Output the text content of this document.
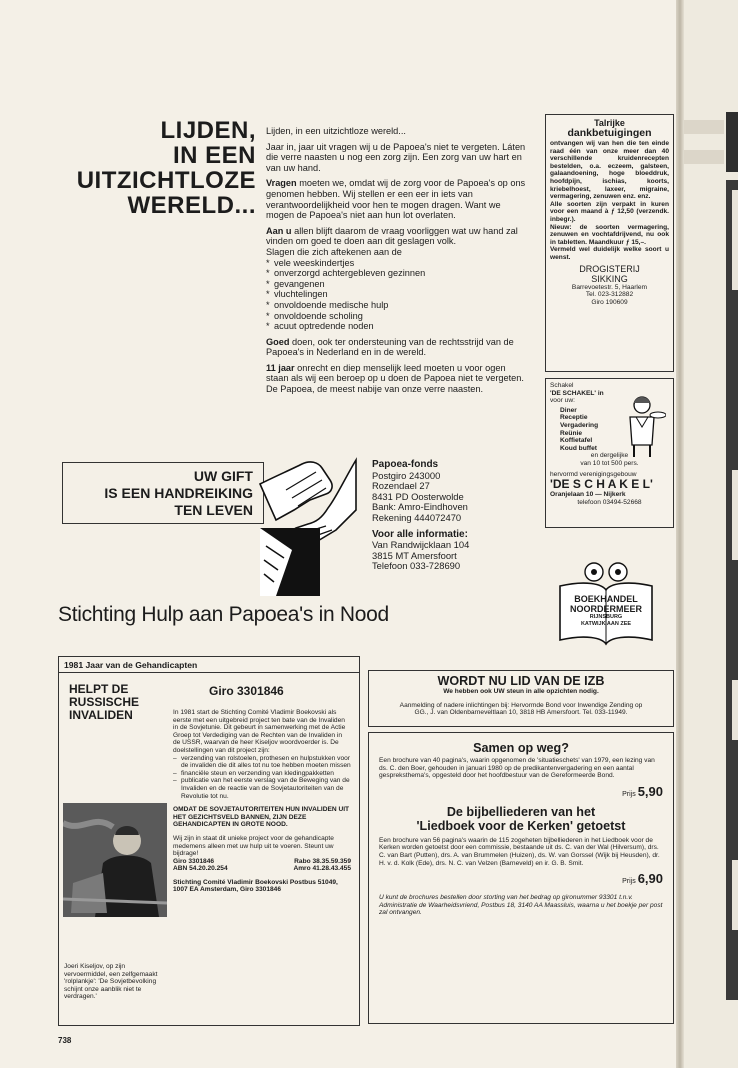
LIJDEN,
IN EEN
UITZICHTLOZE
WERELD...

Lijden, in een uitzichtloze wereld...

Jaar in, jaar uit vragen wij u de Papoea's niet te vergeten. Láten die verre naasten u nog een zorg zijn. Een zorg van uw hart en van uw hand.

Vragen moeten we, omdat wij de zorg voor de Papoea's op ons genomen hebben. Wij stellen er een eer in iets van verantwoordelijkheid voor hen te mogen dragen. Want we mogen de Papoea's niet aan hun lot overlaten.

Aan u allen blijft daarom de vraag voorliggen wat uw hand zal vinden om goed te doen aan dit geslagen volk.

Slagen die zich aftekenen aan de

* vele weeskindertjes
* onverzorgd achtergebleven gezinnen
* gevangenen
* vluchtelingen
* onvoldoende medische hulp
* onvoldoende scholing
* acuut optredende noden

Goed doen, ook ter ondersteuning van de rechtsstrijd van de Papoea's in Nederland en in de wereld.

11 jaar onrecht en diep menselijk leed moeten u voor ogen staan als wij een beroep op u doen de Papoea niet te vergeten. De Papoea, de meest nabije van onze verre naasten.

UW GIFT
IS EEN HANDREIKING
TEN LEVEN
Papoea-fonds
Postgiro 243000
Rozendael 27
8431 PD Oosterwolde
Bank: Amro-Eindhoven
Rekening 444072470
Voor alle informatie:
Van Randwijcklaan 104
3815 MT Amersfoort
Telefoon 033-728690
Stichting Hulp aan Papoea's in Nood
Talrijke
dankbetuigingen
ontvangen wij van hen die ten einde raad één van onze meer dan 40 verschillende kruidenrecepten bestelden, o.a. eczeem, galsteen, galaandoening, hoge bloeddruk, hoofdpijn, ischias, koorts, kriebelhoest, laxeer, migraine, vermagering, zenuwen enz. enz.
Alle soorten zijn verpakt in kuren voor een maand à ƒ 12,50 (verzendk. inbegr.).
Nieuw: de soorten vermagering, zenuwen en vochtafdrijvend, nu ook in tabletten. Maandkuur ƒ 15,–.
Vermeld wel duidelijk welke soort u wenst.
DROGISTERIJ
SIKKING
Barrevoetestr. 5, Haarlem
Tel. 023-312882
Giro 190609
Schakel
'DE SCHAKEL' in
voor uw:
Diner
Receptie
Vergadering
Reünie
Koffietafel
Koud buffet
en dergelijke
van 10 tot 500 pers.
hervormd verenigingsgebouw
'DE S C H A K E L'
Oranjelaan 10 — Nijkerk
telefoon 03494-52668
BOEKHANDEL
NOORDERMEER
RIJNSBURG
KATWIJK AAN ZEE
1981 Jaar van de Gehandicapten
HELPT DE
RUSSISCHE
INVALIDEN
Giro 3301846
In 1981 start de Stichting Comité Vladimir Boekovski als eerste met een uitgebreid project ten bate van de Invaliden in de Sovjetunie. Dit gebeurt in samenwerking met de Actie Groep tot Verdediging van de Rechten van de Invaliden in de USSR, waarvan de heer Kiseljov woordvoerder is. De doelstellingen van dit project zijn:
– verzending van rolstoelen, prothesen en hulpstukken voor de invaliden die dit alles tot nu toe hebben moeten missen
– financiële steun en verzending van kledingpakketten
– publicatie van het eerste verslag van de Beweging van de Invaliden en de reactie van de Sovjetautoriteiten van de Revolutie tot nu.
OMDAT DE SOVJETAUTORITEITEN HUN INVALIDEN UIT HET GEZICHTSVELD BANNEN, ZIJN DEZE GEHANDICAPTEN IN GROTE NOOD.
Wij zijn in staat dit unieke project voor de gehandicapte medemens alleen met uw hulp uit te voeren. Steunt uw bijdrage!
Giro 3301846	Rabo 38.35.59.359
ABN 54.20.20.254	Amro 41.28.43.455
Stichting Comité Vladimir Boekovski Postbus 51049, 1007 EA Amsterdam, Giro 3301846
Joeri Kiseljov, op zijn vervoermiddel, een zelfgemaakt 'rolplankje': 'De Sovjetbevolking schijnt onze aanblik niet te verdragen.'
WORDT NU LID VAN DE IZB
We hebben ook UW steun in alle opzichten nodig.
Aanmelding of nadere inlichtingen bij: Hervormde Bond voor Inwendige Zending op GG., J. van Oldenbarneveltlaan 10, 3818 HB Amersfoort. Tel. 033-11949.
Samen op weg?
Een brochure van 40 pagina's, waarin opgenomen de 'situatieschets' van 1979, een lezing van ds. C. den Boer, gehouden in januari 1980 op de predikantenvergadering en een aantal gespreksthema's, opgesteld door het hoofdbestuur van de Gereformeerde Bond.
Prijs 5,90
De bijbelliederen van het
'Liedboek voor de Kerken' getoetst
Een brochure van 56 pagina's waarin de 115 zogeheten bijbelliederen in het Liedboek voor de Kerken worden getoetst door een commissie, bestaande uit ds. C. van der Wal (Hilversum), drs. C. van Bart (Putten), drs. A. van Brummelen (Huizen), ds. W. van Gorssel (Wijk bij Heusden), dr. H. v. d. Kolk (Ede), drs. N. C. van Velzen (Barneveld) en ir. G. B. Smit.
Prijs 6,90
U kunt de brochures bestellen door storting van het bedrag op gironummer 93301 t.n.v. Administratie de Waarheidsvriend, Postbus 18, 3140 AA Maassluis, waarna u het boekje per post zal ontvangen.
738
